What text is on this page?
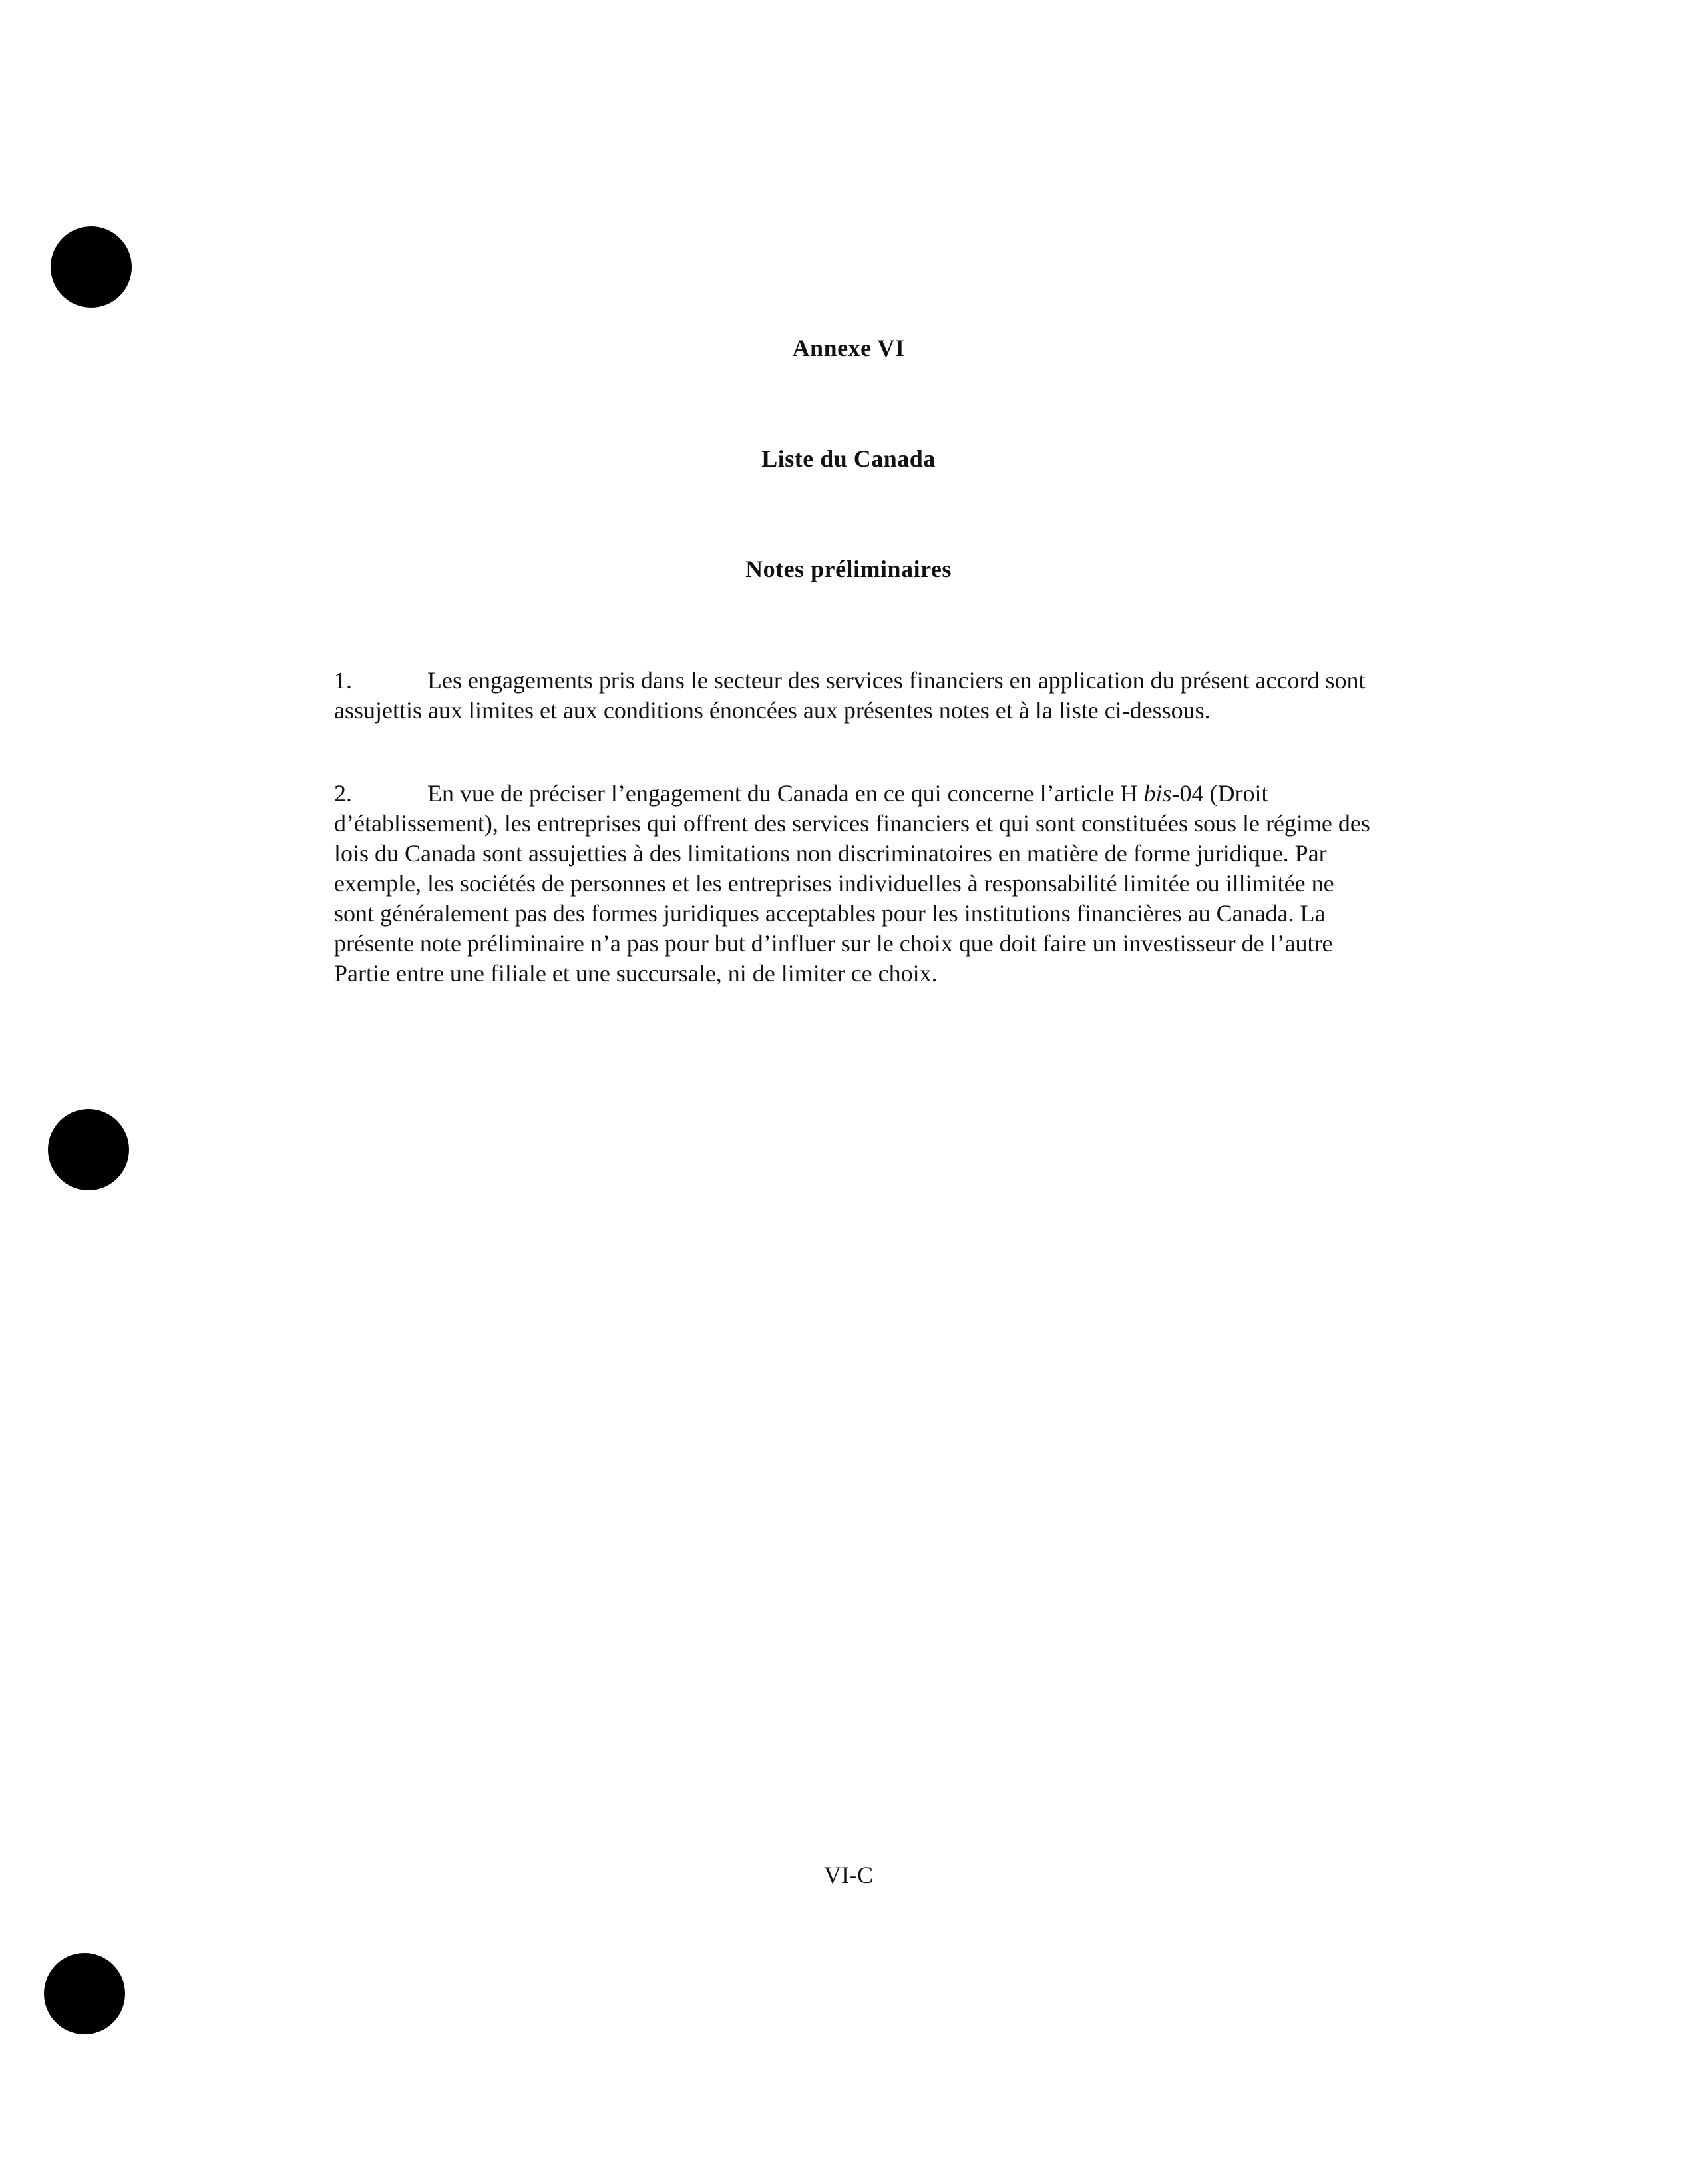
Annexe VI
Liste du Canada
Notes préliminaires
1.	Les engagements pris dans le secteur des services financiers en application du présent accord sont assujettis aux limites et aux conditions énoncées aux présentes notes et à la liste ci-dessous.
2.	En vue de préciser l’engagement du Canada en ce qui concerne l’article H bis-04 (Droit d’établissement), les entreprises qui offrent des services financiers et qui sont constituées sous le régime des lois du Canada sont assujetties à des limitations non discriminatoires en matière de forme juridique. Par exemple, les sociétés de personnes et les entreprises individuelles à responsabilité limitée ou illimitée ne sont généralement pas des formes juridiques acceptables pour les institutions financières au Canada. La présente note préliminaire n’a pas pour but d’influer sur le choix que doit faire un investisseur de l’autre Partie entre une filiale et une succursale, ni de limiter ce choix.
VI-C
